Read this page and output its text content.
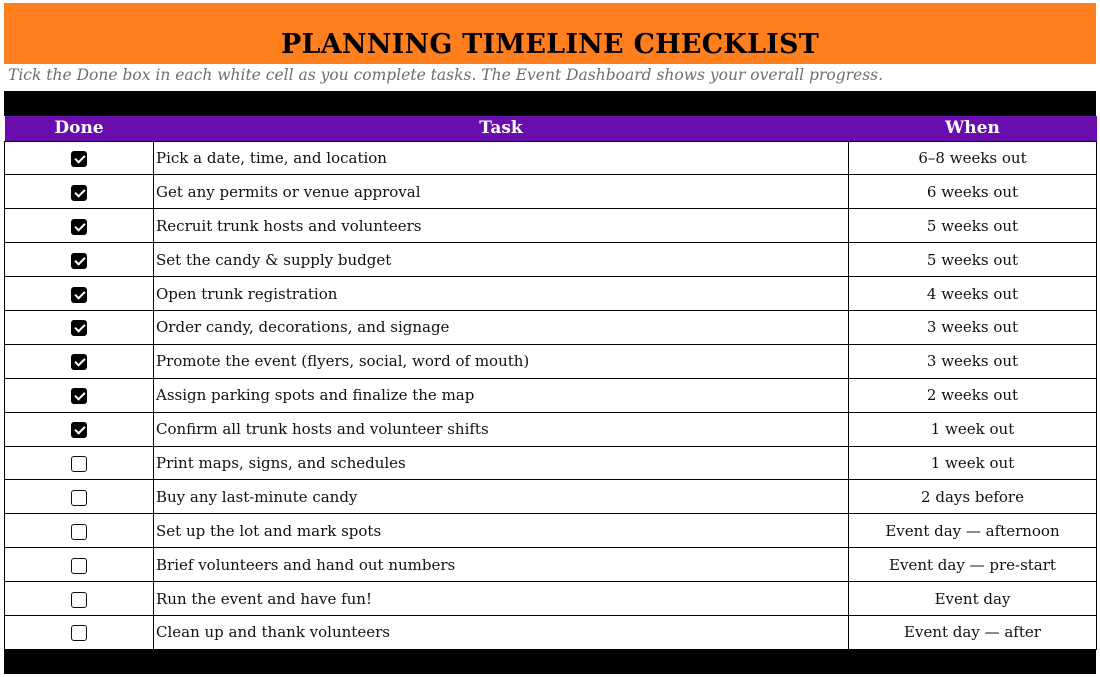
PLANNING TIMELINE CHECKLIST
Tick the Done box in each white cell as you complete tasks. The Event Dashboard shows your overall progress.
Done	Task	When
	Pick a date, time, and location	6–8 weeks out
	Get any permits or venue approval	6 weeks out
	Recruit trunk hosts and volunteers	5 weeks out
	Set the candy & supply budget	5 weeks out
	Open trunk registration	4 weeks out
	Order candy, decorations, and signage	3 weeks out
	Promote the event (flyers, social, word of mouth)	3 weeks out
	Assign parking spots and finalize the map	2 weeks out
	Confirm all trunk hosts and volunteer shifts	1 week out
	Print maps, signs, and schedules	1 week out
	Buy any last-minute candy	2 days before
	Set up the lot and mark spots	Event day — afternoon
	Brief volunteers and hand out numbers	Event day — pre-start
	Run the event and have fun!	Event day
	Clean up and thank volunteers	Event day — after
